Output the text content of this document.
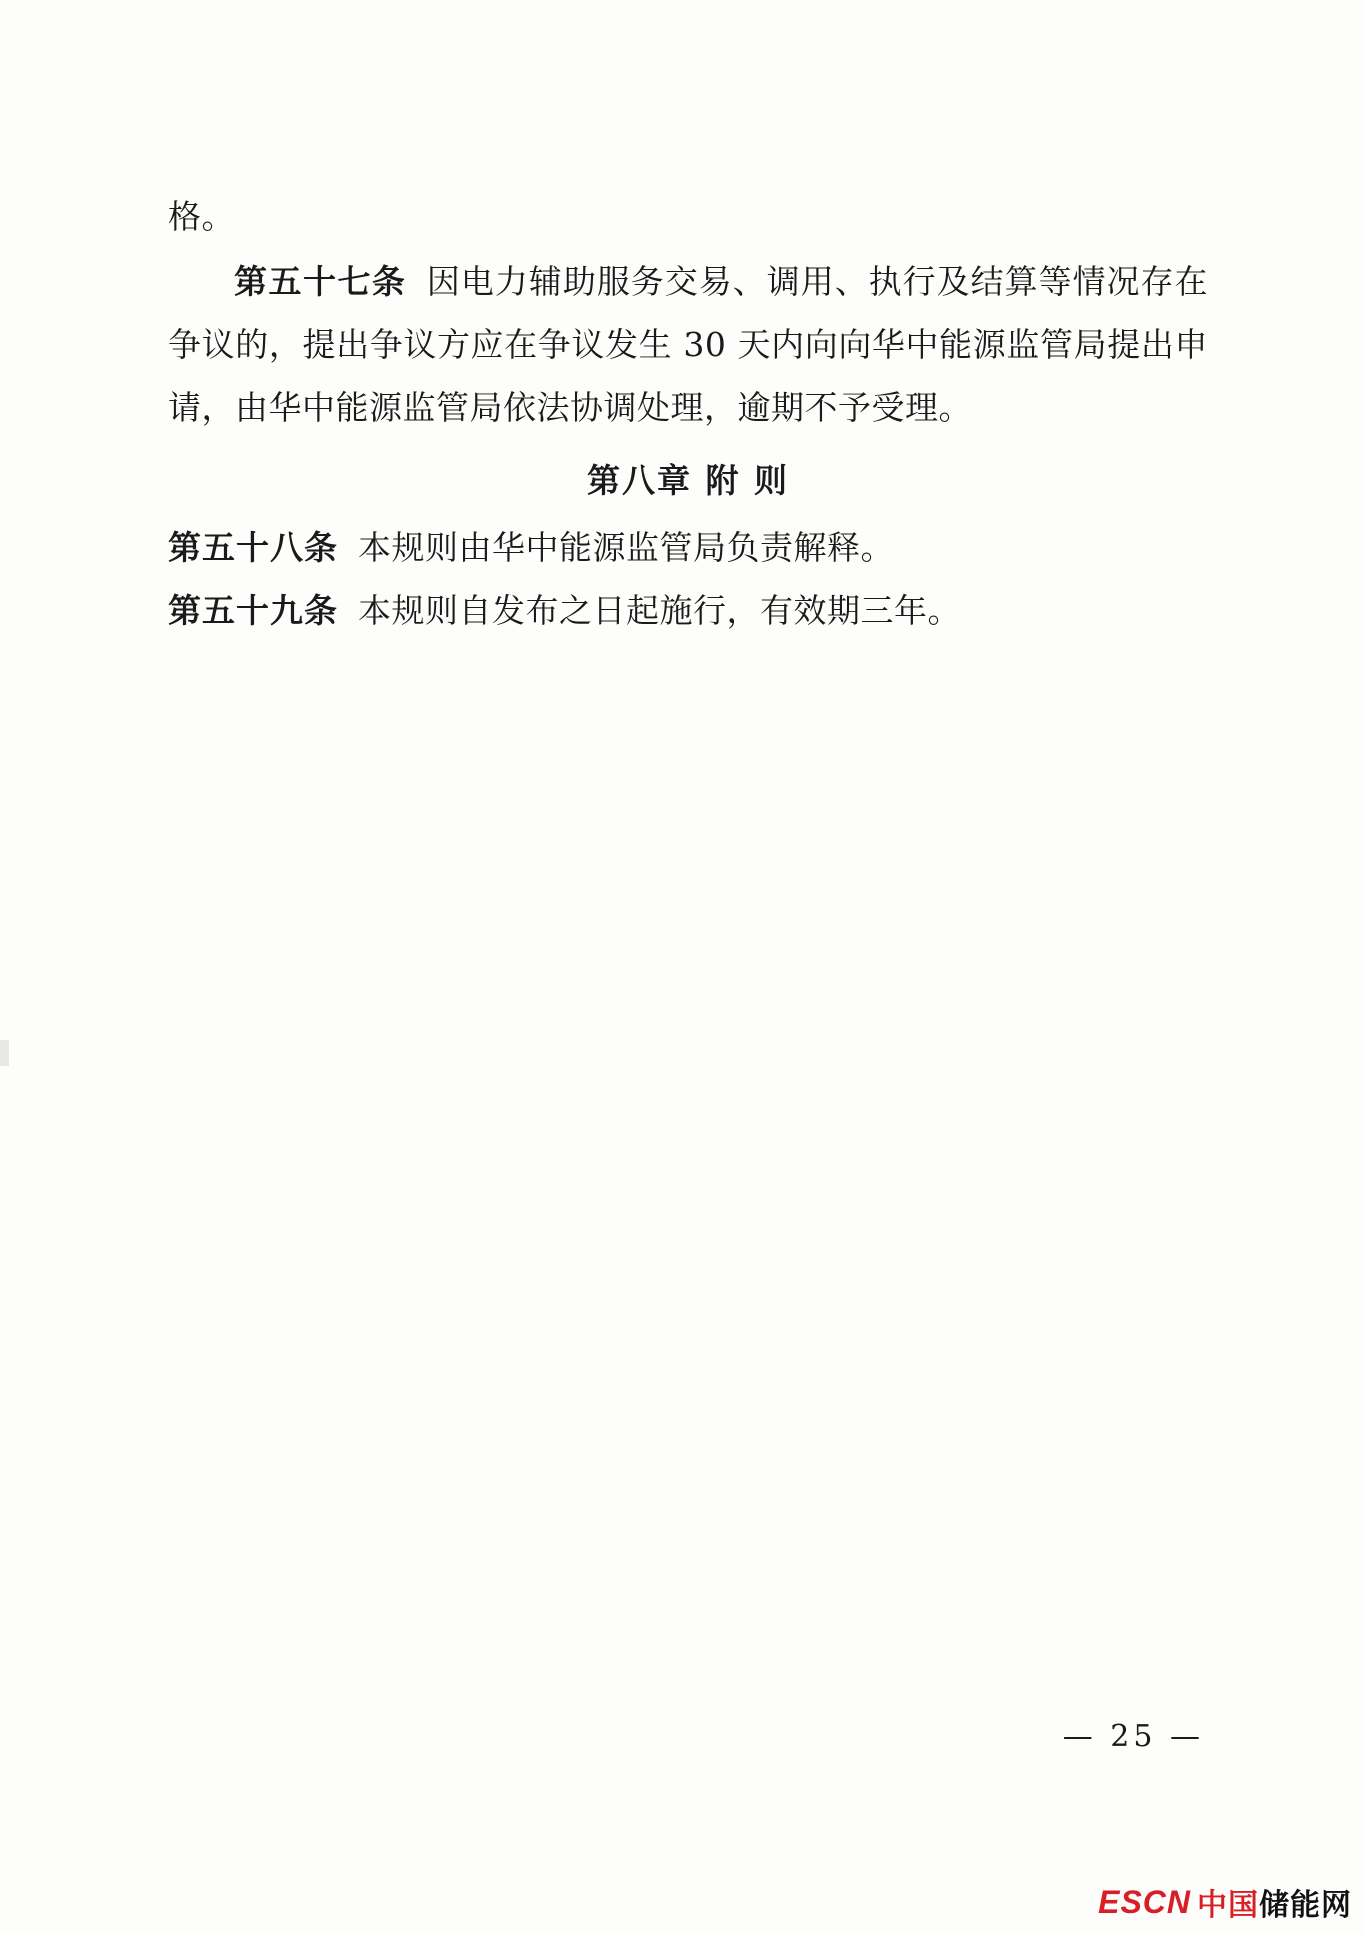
格。

第五十七条 因电力辅助服务交易、调用、执行及结算等情况存在争议的，提出争议方应在争议发生 30 天内向向华中能源监管局提出申请，由华中能源监管局依法协调处理，逾期不予受理。

第八章 附 则

第五十八条 本规则由华中能源监管局负责解释。

第五十九条 本规则自发布之日起施行，有效期三年。

— 25 —
ESCN 中国 储能网
